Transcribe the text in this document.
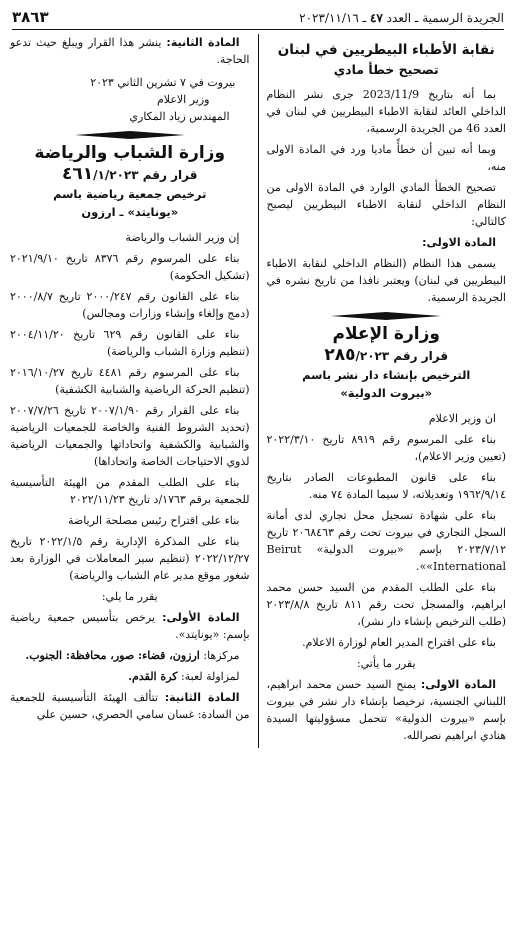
الجريدة الرسمية ـ العدد ٤٧ ـ ٢٠٢٣/١١/١٦
٣٨٦٣
نقابة الأطباء البيطريين في لبنان
تصحيح خطأ مادي

بما أنه بتاريخ 2023/11/9 جرى نشر النظام الداخلي العائد لنقابة الاطباء البيطريين في لبنان في العدد 46 من الجريدة الرسمية،

وبما أنه تبين أن خطأً ماديا ورد في المادة الاولى منه،

تصحيح الخطأ المادي الوارد في المادة الاولى من النظام الداخلي لنقابة الاطباء البيطريين ليصبح كالتالي:

المادة الاولى:

يسمى هذا النظام (النظام الداخلي لنقابة الاطباء البيطريين في لبنان) ويعتبر نافذا من تاريخ نشره في الجريدة الرسمية.

وزارة الإعلام
قرار رقم ٢٨٥/٢٠٢٣
الترخيص بإنشاء دار نشر باسم
«بيروت الدولية»

ان وزير الاعلام

بناء على المرسوم رقم ٨٩١٩ تاريخ ٢٠٢٢/٣/١٠ (تعيين وزير الاعلام)،

بناء على قانون المطبوعات الصادر بتاريخ ١٩٦٢/٩/١٤ وتعديلاته، لا سيما المادة ٧٤ منه.

بناء على شهادة تسجيل محل تجاري لدى أمانة السجل التجاري في بيروت تحت رقم ٢٠٦٨٤٦٣ تاريخ ٢٠٢٣/٧/١٢ بإسم «بيروت الدولية» Beirut «International».

بناء على الطلب المقدم من السيد حسن محمد ابراهيم، والمسجل تحت رقم ٨١١ تاريخ ٢٠٢٣/٨/٨ (طلب الترخيص بإنشاء دار نشر)،

بناء على اقتراح المدير العام لوزارة الاعلام.

يقرر ما يأتي:

المادة الاولى: يمنح السيد حسن محمد ابراهيم، اللبناني الجنسية، ترخيصا بإنشاء دار نشر في بيروت بإسم «بيروت الدولية» تتحمل مسؤوليتها السيدة هنادي ابراهيم نصرالله.

المادة الثانية: ينشر هذا القرار ويبلغ حيث تدعو الحاجة.

بيروت في ٧ تشرين الثاني ٢٠٢٣
وزير الاعلام
المهندس زياد المكاري
وزارة الشباب والرياضة
قرار رقم ٤٦١/١/٢٠٢٣
ترخيص جمعية رياضية باسم
«يونايتد» ـ ارزون

إن وزير الشباب والرياضة

بناء على المرسوم رقم ٨٣٧٦ تاريخ ٢٠٢١/٩/١٠ (تشكيل الحكومة)

بناء على القانون رقم ٢٠٠٠/٢٤٧ تاريخ ٢٠٠٠/٨/٧ (دمج وإلغاء وإنشاء وزارات ومجالس)

بناء على القانون رقم ٦٢٩ تاريخ ٢٠٠٤/١١/٢٠ (تنظيم وزارة الشباب والرياضة)

بناء على المرسوم رقم ٤٤٨١ تاريخ ٢٠١٦/١٠/٢٧ (تنظيم الحركة الرياضية والشبابية الكشفية)

بناء على القرار رقم ٢٠٠٧/١/٩٠ تاريخ ٢٠٠٧/٧/٢٦ (تحديد الشروط الفنية والخاصة للجمعيات الرياضية والشبابية والكشفية واتحاداتها والجمعيات الرياضية لذوي الاحتياجات الخاصة واتحاداها)

بناء على الطلب المقدم من الهيئة التأسيسية للجمعية برقم ١٧٦٣/د تاريخ ٢٠٢٢/١١/٢٣

بناء على اقتراح رئيس مصلحة الرياضة

بناء على المذكرة الإدارية رقم ٢٠٢٢/١/٥ تاريخ ٢٠٢٢/١٢/٢٧ (تنظيم سير المعاملات في الوزارة بعد شغور موقع مدير عام الشباب والرياضة)

يقرر ما يلي:

المادة الأولى: يرخص بتأسيس جمعية رياضية بإسم: «يونايتد».

مركزها: ارزون، قضاء: صور، محافظة: الجنوب.

لمزاولة لعبة: كرة القدم.

المادة الثانية: تتألف الهيئة التأسيسية للجمعية من السادة: غسان سامي الحصري، حسين علي
